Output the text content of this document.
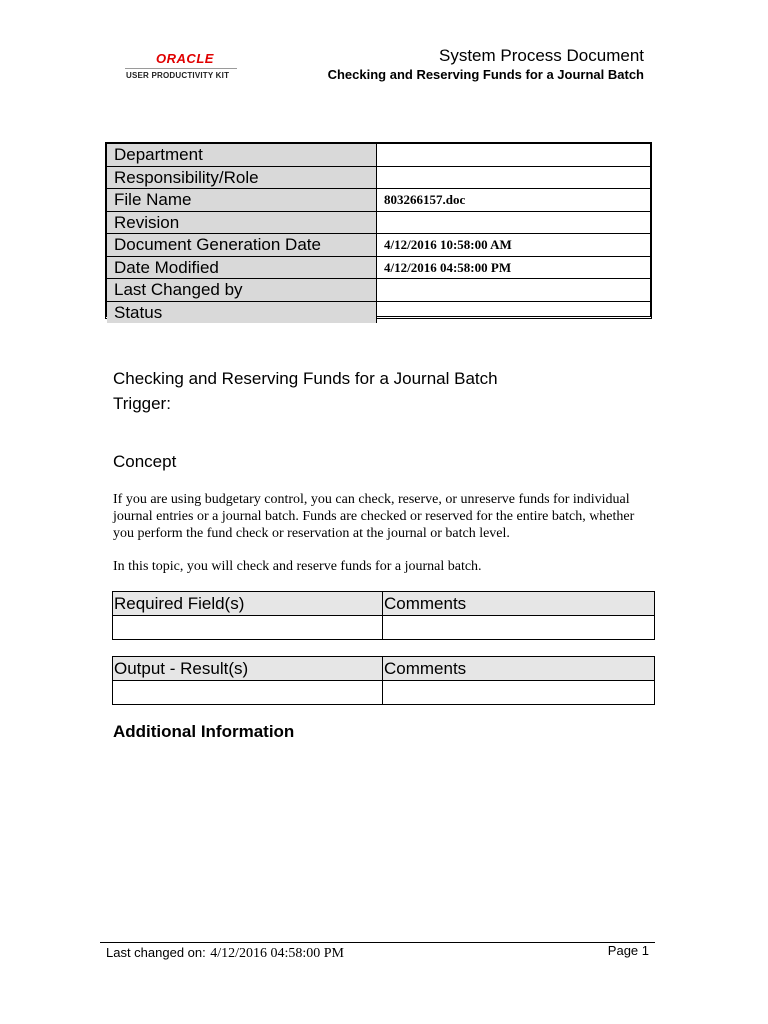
ORACLE
USER PRODUCTIVITY KIT
System Process Document
Checking and Reserving Funds for a Journal Batch
Department
Responsibility/Role
File Name	803266157.doc
Revision
Document Generation Date	4/12/2016 10:58:00 AM
Date Modified	4/12/2016 04:58:00 PM
Last Changed by
Status
Checking and Reserving Funds for a Journal Batch
Trigger:
Concept
If you are using budgetary control, you can check, reserve, or unreserve funds for individual journal entries or a journal batch. Funds are checked or reserved for the entire batch, whether you perform the fund check or reservation at the journal or batch level.
In this topic, you will check and reserve funds for a journal batch.
Required Field(s)	Comments
Output - Result(s)	Comments
Additional Information
Last changed on: 4/12/2016 04:58:00 PM	Page 1
